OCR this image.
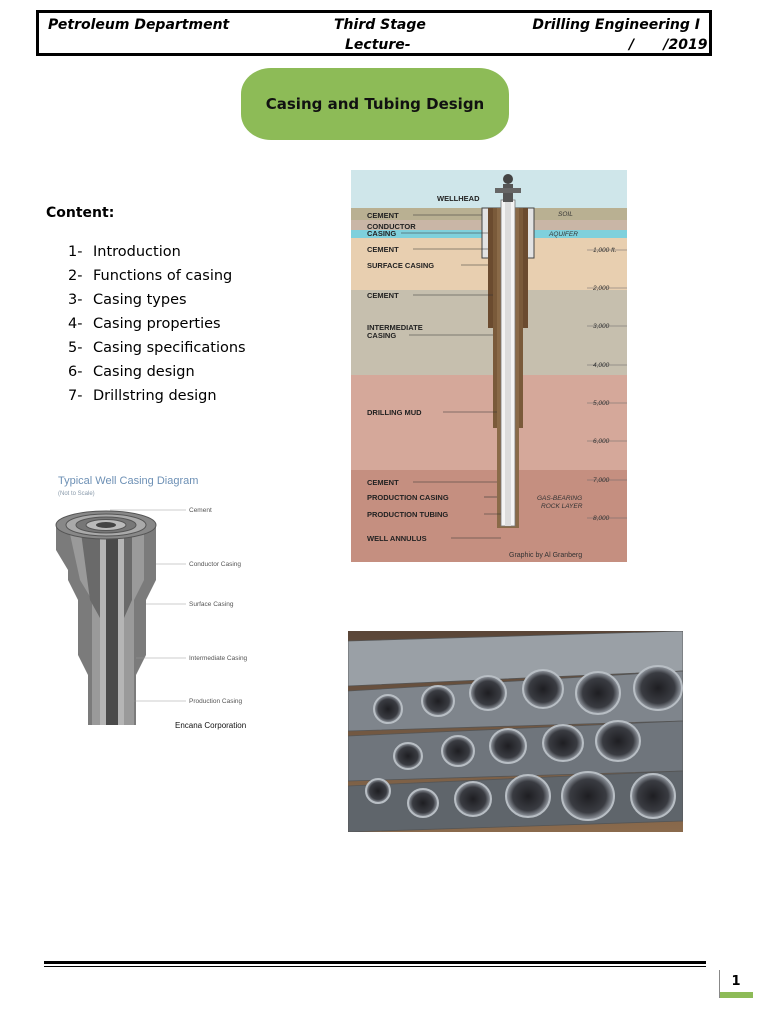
Petroleum Department	Third Stage	Drilling Engineering I
Lecture-	/      /2019
Casing and Tubing Design
Content:
1- Introduction
2- Functions of casing
3- Casing types
4- Casing properties
5- Casing specifications
6- Casing design
7- Drillstring design
WELLHEAD
CEMENT
CONDUCTOR
CASING
CEMENT
SURFACE CASING
CEMENT
INTERMEDIATE
CASING
DRILLING MUD
CEMENT
PRODUCTION CASING
PRODUCTION TUBING
WELL ANNULUS
SOIL
AQUIFER
GAS-BEARING
ROCK LAYER
1,000 ft.
2,000
3,000
4,000
5,000
6,000
7,000
8,000
Graphic by Al Granberg
Typical Well Casing Diagram
(Not to Scale)
Cement
Conductor Casing
Surface Casing
Intermediate Casing
Production Casing
Encana Corporation
1
